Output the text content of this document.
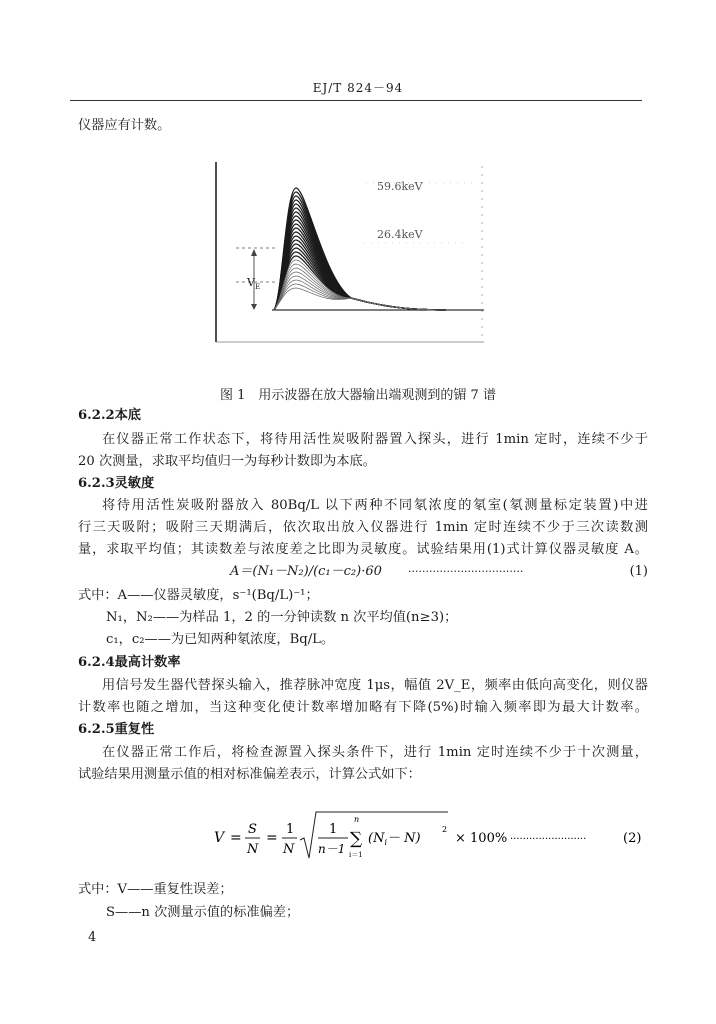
EJ/T 824－94
仪器应有计数。
$V_E$
59.6keV
26.4keV
图 1　用示波器在放大器输出端观测到的镅 7 谱
6.2.2 本底
在仪器正常工作状态下，将待用活性炭吸附器置入探头，进行 1min 定时，连续不少于
20 次测量，求取平均值归一为每秒计数即为本底。
6.2.3 灵敏度
将待用活性炭吸附器放入 80Bq/L 以下两种不同氡浓度的氡室(氡测量标定装置)中进
行三天吸附；吸附三天期满后，依次取出放入仪器进行 1min 定时连续不少于三次读数测
量，求取平均值；其读数差与浓度差之比即为灵敏度。试验结果用(1)式计算仪器灵敏度 A。
A＝(N₁－N₂)/(c₁－c₂)·60 ·································	(1)
式中：A——仪器灵敏度，s⁻¹(Bq/L)⁻¹；
N₁，N₂——为样品 1，2 的一分钟读数 n 次平均值(n≥3)；
c₁，c₂——为已知两种氡浓度，Bq/L。
6.2.4 最高计数率
用信号发生器代替探头输入，推荐脉冲宽度 1μs，幅值 2V_E，频率由低向高变化，则仪器
计数率也随之增加，当这种变化使计数率增加略有下降(5%)时输入频率即为最大计数率。
6.2.5 重复性
在仪器正常工作后，将检查源置入探头条件下，进行 1min 定时连续不少于十次测量，
试验结果用测量示值的相对标准偏差表示，计算公式如下：
V =
S
N
=
1
N
1
n－1
n
∑
i＝1
$(N_i- N)$
2
× 100% ························	(2)
式中：V——重复性误差；
S——n 次测量示值的标准偏差；
4
